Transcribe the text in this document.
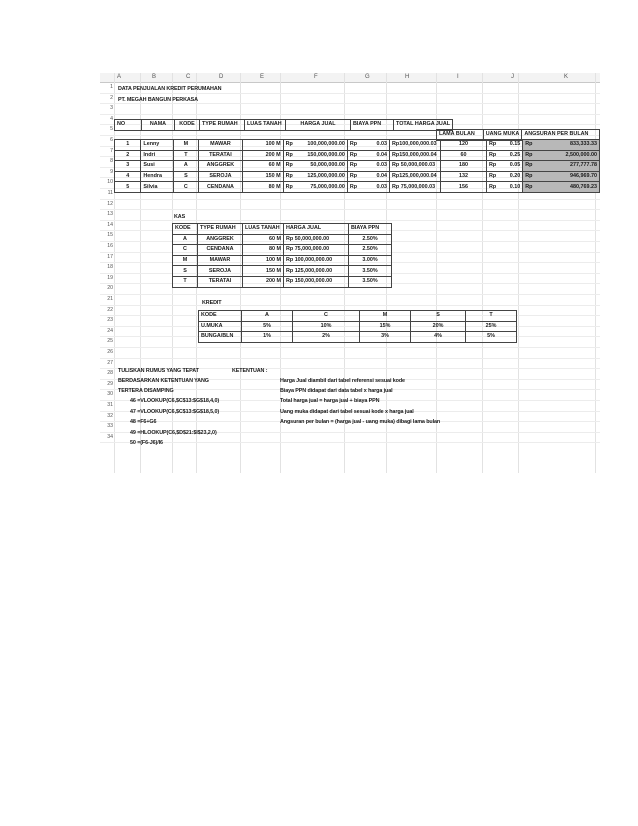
A	B	C	D	E	F	G	H	I	J	K
1
2
3
4
5
6
7
8
9
10
11
12
13
14
15
16
17
18
19
20
21
22
23
24
25
26
27
28
29
30
31
32
33
34
DATA PENJUALAN KREDIT PERUMAHAN
PT. MEGAH BANGUN PERKASA
NO	NAMA	KODE	TYPE RUMAH	LUAS TANAH	HARGA JUAL	BIAYA PPN	TOTAL HARGA JUAL
LAMA BULAN	UANG MUKA	ANGSURAN PER BULAN
1	Lenny	M	MAWAR	100 M	Rp 100,000,000.00	Rp 0.03	Rp100,000,000.03	120	Rp 0.15	Rp 833,333.33
2	Indri	T	TERATAI	200 M	Rp 150,000,000.00	Rp 0.04	Rp150,000,000.04	60	Rp 0.25	Rp 2,500,000.00
3	Susi	A	ANGGREK	60 M	Rp 50,000,000.00	Rp 0.03	Rp 50,000,000.03	180	Rp 0.05	Rp 277,777.78
4	Hendra	S	SEROJA	150 M	Rp 125,000,000.00	Rp 0.04	Rp125,000,000.04	132	Rp 0.20	Rp 946,969.70
5	Silvia	C	CENDANA	80 M	Rp 75,000,000.00	Rp 0.03	Rp 75,000,000.03	156	Rp 0.10	Rp 480,769.23
KAS
KODE	TYPE RUMAH	LUAS TANAH	HARGA JUAL	BIAYA PPN
A	ANGGREK	60 M	Rp 50,000,000.00	2.50%
C	CENDANA	80 M	Rp 75,000,000.00	2.50%
M	MAWAR	100 M	Rp 100,000,000.00	3.00%
S	SEROJA	150 M	Rp 125,000,000.00	3.50%
T	TERATAI	200 M	Rp 150,000,000.00	3.50%
KREDIT
KODE	A	C	M	S	T
U.MUKA	5%	10%	15%	20%	25%
BUNGA/BLN	1%	2%	3%	4%	5%
TULISKAN RUMUS YANG TEPAT
BERDASARKAN KETENTUAN YANG
TERTERA DISAMPING
46 =VLOOKUP(C6,$C$13:$G$18,4,0)
47 =VLOOKUP(C6,$C$13:$G$18,5,0)
48 =F6+G6
49 =HLOOKUP(C6,$D$21:$I$23,2,0)
50 =(F6-J6)/I6
KETENTUAN :
Harga Jual diambil dari tabel referensi sesuai kode
Biaya PPN didapat dari data tabel x harga jual
Total harga jual = harga jual + biaya PPN
Uang muka didapat dari tabel sesuai kode x harga jual
Angsuran per bulan = (harga jual - uang muka) dibagi lama bulan
